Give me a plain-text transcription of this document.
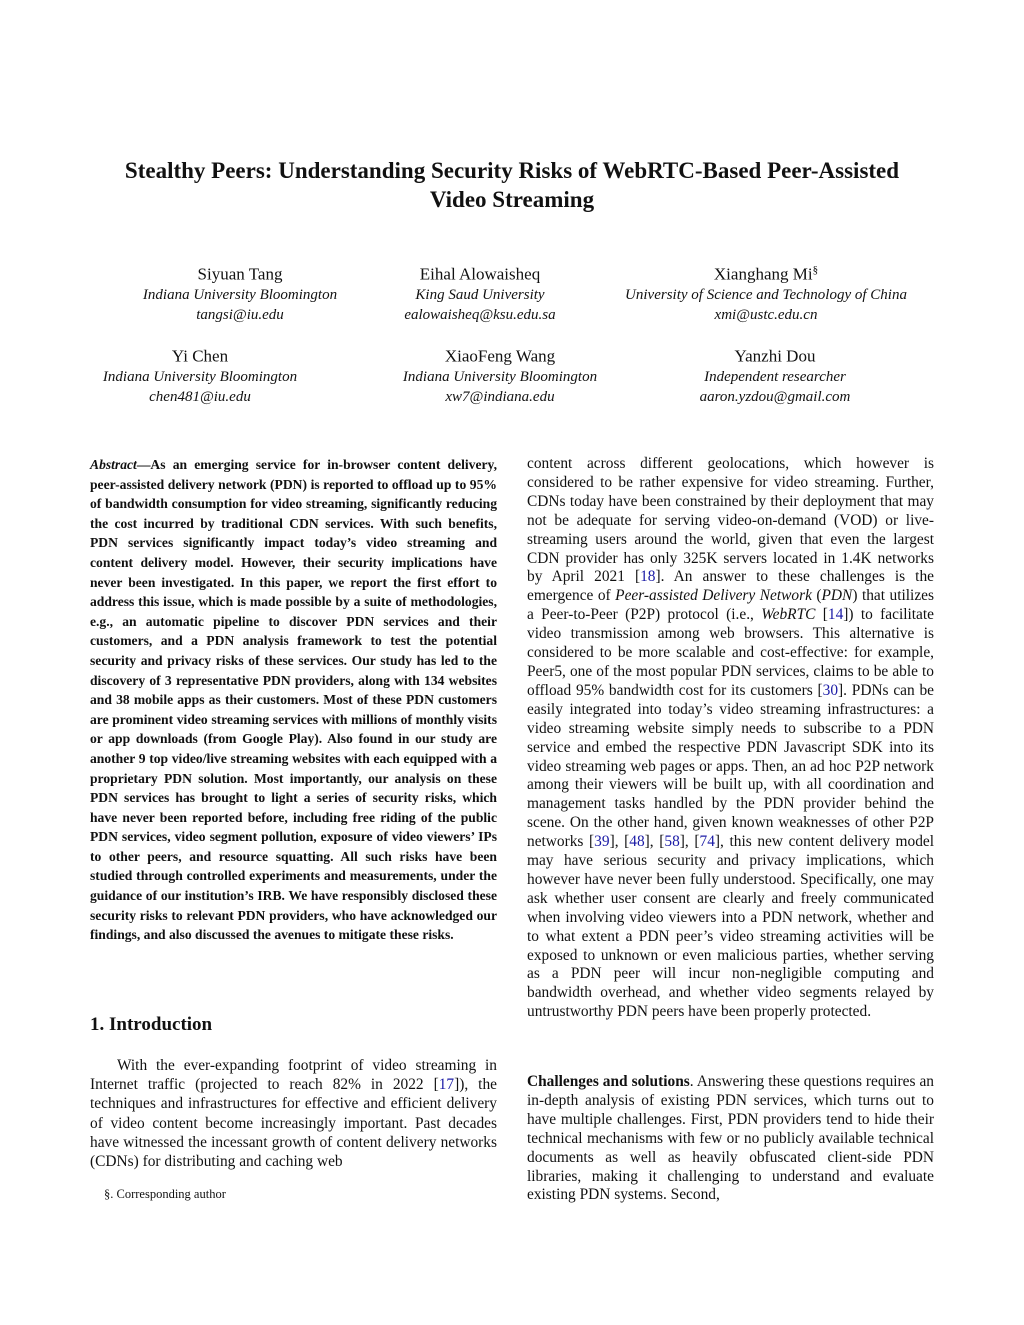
Stealthy Peers: Understanding Security Risks of WebRTC-Based Peer-Assisted Video Streaming
Siyuan Tang
Indiana University Bloomington
tangsi@iu.edu
Eihal Alowaisheq
King Saud University
ealowaisheq@ksu.edu.sa
Xianghang Mi§
University of Science and Technology of China
xmi@ustc.edu.cn
Yi Chen
Indiana University Bloomington
chen481@iu.edu
XiaoFeng Wang
Indiana University Bloomington
xw7@indiana.edu
Yanzhi Dou
Independent researcher
aaron.yzdou@gmail.com
Abstract—As an emerging service for in-browser content delivery, peer-assisted delivery network (PDN) is reported to offload up to 95% of bandwidth consumption for video streaming, significantly reducing the cost incurred by traditional CDN services. With such benefits, PDN services significantly impact today’s video streaming and content delivery model. However, their security implications have never been investigated. In this paper, we report the first effort to address this issue, which is made possible by a suite of methodologies, e.g., an automatic pipeline to discover PDN services and their customers, and a PDN analysis framework to test the potential security and privacy risks of these services. Our study has led to the discovery of 3 representative PDN providers, along with 134 websites and 38 mobile apps as their customers. Most of these PDN customers are prominent video streaming services with millions of monthly visits or app downloads (from Google Play). Also found in our study are another 9 top video/live streaming websites with each equipped with a proprietary PDN solution. Most importantly, our analysis on these PDN services has brought to light a series of security risks, which have never been reported before, including free riding of the public PDN services, video segment pollution, exposure of video viewers’ IPs to other peers, and resource squatting. All such risks have been studied through controlled experiments and measurements, under the guidance of our institution’s IRB. We have responsibly disclosed these security risks to relevant PDN providers, who have acknowledged our findings, and also discussed the avenues to mitigate these risks.
1. Introduction
With the ever-expanding footprint of video streaming in Internet traffic (projected to reach 82% in 2022 [17]), the techniques and infrastructures for effective and efficient delivery of video content become increasingly important. Past decades have witnessed the incessant growth of content delivery networks (CDNs) for distributing and caching web
§. Corresponding author
content across different geolocations, which however is considered to be rather expensive for video streaming. Further, CDNs today have been constrained by their deployment that may not be adequate for serving video-on-demand (VOD) or live-streaming users around the world, given that even the largest CDN provider has only 325K servers located in 1.4K networks by April 2021 [18]. An answer to these challenges is the emergence of Peer-assisted Delivery Network (PDN) that utilizes a Peer-to-Peer (P2P) protocol (i.e., WebRTC [14]) to facilitate video transmission among web browsers. This alternative is considered to be more scalable and cost-effective: for example, Peer5, one of the most popular PDN services, claims to be able to offload 95% bandwidth cost for its customers [30]. PDNs can be easily integrated into today’s video streaming infrastructures: a video streaming website simply needs to subscribe to a PDN service and embed the respective PDN Javascript SDK into its video streaming web pages or apps. Then, an ad hoc P2P network among their viewers will be built up, with all coordination and management tasks handled by the PDN provider behind the scene. On the other hand, given known weaknesses of other P2P networks [39], [48], [58], [74], this new content delivery model may have serious security and privacy implications, which however have never been fully understood. Specifically, one may ask whether user consent are clearly and freely communicated when involving video viewers into a PDN network, whether and to what extent a PDN peer’s video streaming activities will be exposed to unknown or even malicious parties, whether serving as a PDN peer will incur non-negligible computing and bandwidth overhead, and whether video segments relayed by untrustworthy PDN peers have been properly protected.
Challenges and solutions. Answering these questions requires an in-depth analysis of existing PDN services, which turns out to have multiple challenges. First, PDN providers tend to hide their technical mechanisms with few or no publicly available technical documents as well as heavily obfuscated client-side PDN libraries, making it challenging to understand and evaluate existing PDN systems. Second,
